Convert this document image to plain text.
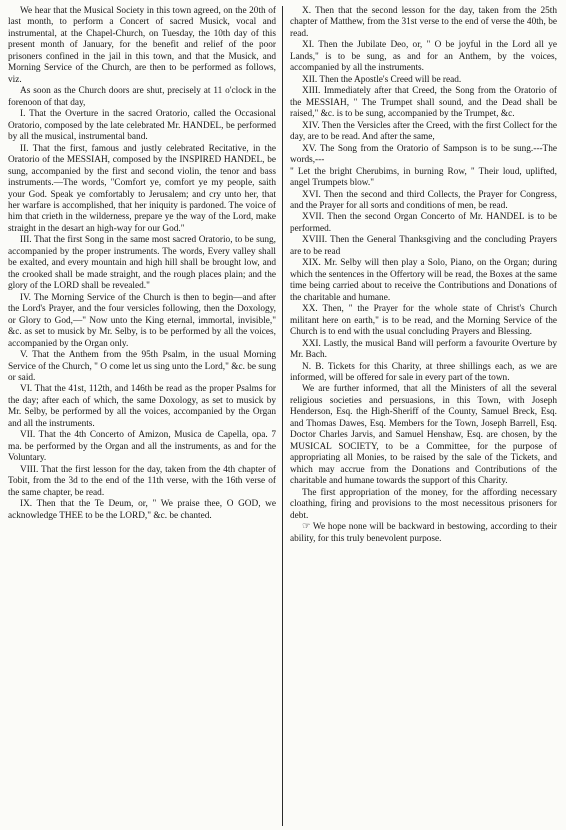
We hear that the Musical Society in this town agreed, on the 20th of last month, to perform a Concert of sacred Musick, vocal and instrumental, at the Chapel-Church, on Tuesday, the 10th day of this present month of January, for the benefit and relief of the poor prisoners confined in the jail in this town, and that the Musick, and Morning Service of the Church, are then to be performed as follows, viz.

As soon as the Church doors are shut, precisely at 11 o'clock in the forenoon of that day,

I. That the Overture in the sacred Oratorio, called the Occasional Oratorio, composed by the late celebrated Mr. HANDEL, be performed by all the musical, instrumental band.

II. That the first, famous and justly celebrated Recitative, in the Oratorio of the MESSIAH, composed by the INSPIRED HANDEL, be sung, accompanied by the first and second violin, the tenor and bass instruments.—The words, "Comfort ye, comfort ye my people, saith your God. Speak ye comfortably to Jerusalem; and cry unto her, that her warfare is accomplished, that her iniquity is pardoned. The voice of him that crieth in the wilderness, prepare ye the way of the Lord, make straight in the desart an high-way for our God."

III. That the first Song in the same most sacred Oratorio, to be sung, accompanied by the proper instruments. The words, Every valley shall be exalted, and every mountain and high hill shall be brought low, and the crooked shall be made straight, and the rough places plain; and the glory of the LORD shall be revealed."

IV. The Morning Service of the Church is then to begin—and after the Lord's Prayer, and the four versicles following, then the Doxology, or Glory to God,—" Now unto the King eternal, immortal, invisible," &c. as set to musick by Mr. Selby, is to be performed by all the voices, accompanied by the Organ only.

V. That the Anthem from the 95th Psalm, in the usual Morning Service of the Church, " O come let us sing unto the Lord," &c. be sung or said.

VI. That the 41st, 112th, and 146th be read as the proper Psalms for the day; after each of which, the same Doxology, as set to musick by Mr. Selby, be performed by all the voices, accompanied by the Organ and all the instruments.

VII. That the 4th Concerto of Amizon, Musica de Capella, opa. 7 ma. be performed by the Organ and all the instruments, as and for the Voluntary.

VIII. That the first lesson for the day, taken from the 4th chapter of Tobit, from the 3d to the end of the 11th verse, with the 16th verse of the same chapter, be read.

IX. Then that the Te Deum, or, " We praise thee, O GOD, we acknowledge THEE to be the LORD," &c. be chanted.

X. Then that the second lesson for the day, taken from the 25th chapter of Matthew, from the 31st verse to the end of verse the 40th, be read.

XI. Then the Jubilate Deo, or, " O be joyful in the Lord all ye Lands," is to be sung, as and for an Anthem, by the voices, accompanied by all the instruments.

XII. Then the Apostle's Creed will be read.

XIII. Immediately after that Creed, the Song from the Oratorio of the MESSIAH, " The Trumpet shall sound, and the Dead shall be raised," &c. is to be sung, accompanied by the Trumpet, &c.

XIV. Then the Versicles after the Creed, with the first Collect for the day, are to be read. And after the same,

XV. The Song from the Oratorio of Sampson is to be sung.---The words,---

" Let the bright Cherubims, in burning Row, " Their loud, uplifted, angel Trumpets blow."

XVI. Then the second and third Collects, the Prayer for Congress, and the Prayer for all sorts and conditions of men, be read.

XVII. Then the second Organ Concerto of Mr. HANDEL is to be performed.

XVIII. Then the General Thanksgiving and the concluding Prayers are to be read

XIX. Mr. Selby will then play a Solo, Piano, on the Organ; during which the sentences in the Offertory will be read, the Boxes at the same time being carried about to receive the Contributions and Donations of the charitable and humane.

XX. Then, " the Prayer for the whole state of Christ's Church militant here on earth," is to be read, and the Morning Service of the Church is to end with the usual concluding Prayers and Blessing.

XXI. Lastly, the musical Band will perform a favourite Overture by Mr. Bach.

N. B. Tickets for this Charity, at three shillings each, as we are informed, will be offered for sale in every part of the town.

We are further informed, that all the Ministers of all the several religious societies and persuasions, in this Town, with Joseph Henderson, Esq. the High-Sheriff of the County, Samuel Breck, Esq. and Thomas Dawes, Esq. Members for the Town, Joseph Barrell, Esq. Doctor Charles Jarvis, and Samuel Henshaw, Esq. are chosen, by the MUSICAL SOCIETY, to be a Committee, for the purpose of appropriating all Monies, to be raised by the sale of the Tickets, and which may accrue from the Donations and Contributions of the charitable and humane towards the support of this Charity.

The first appropriation of the money, for the affording necessary cloathing, firing and provisions to the most necessitous prisoners for debt.

☞ We hope none will be backward in bestowing, according to their ability, for this truly benevolent purpose.
